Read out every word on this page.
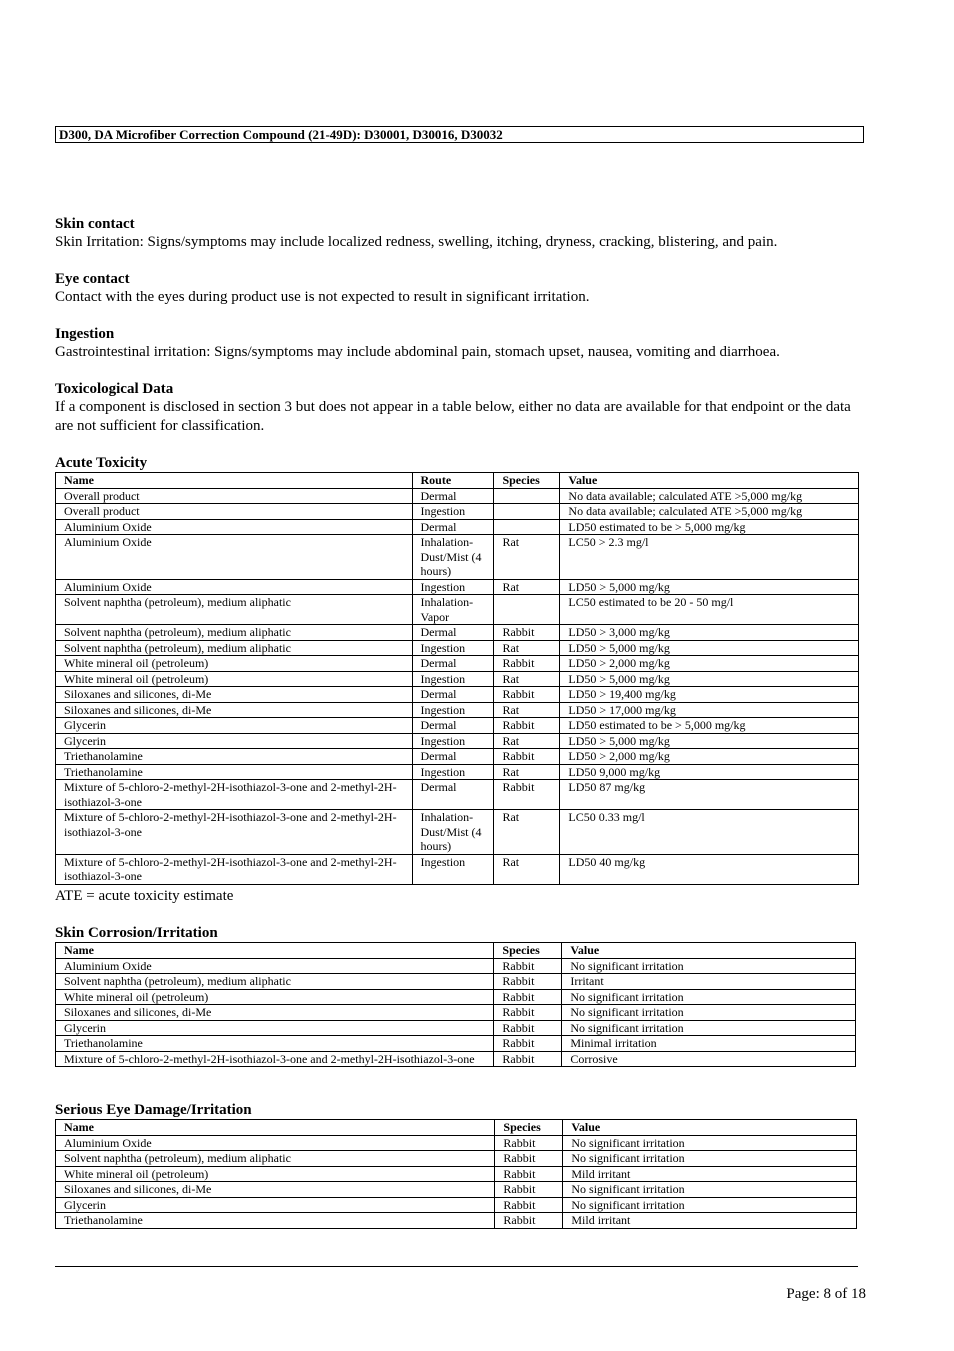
D300, DA Microfiber Correction Compound (21-49D): D30001, D30016, D30032

Skin contact

Skin Irritation: Signs/symptoms may include localized redness, swelling, itching, dryness, cracking, blistering, and pain.

Eye contact

Contact with the eyes during product use is not expected to result in significant irritation.

Ingestion

Gastrointestinal irritation: Signs/symptoms may include abdominal pain, stomach upset, nausea, vomiting and diarrhoea.

Toxicological Data

If a component is disclosed in section 3 but does not appear in a table below, either no data are available for that endpoint or the data are not sufficient for classification.

Acute Toxicity
Name	Route	Species	Value
Overall product	Dermal		No data available; calculated ATE >5,000 mg/kg
Overall product	Ingestion		No data available; calculated ATE >5,000 mg/kg
Aluminium Oxide	Dermal		LD50 estimated to be > 5,000 mg/kg
Aluminium Oxide	Inhalation-Dust/Mist (4 hours)	Rat	LC50 > 2.3 mg/l
Aluminium Oxide	Ingestion	Rat	LD50 > 5,000 mg/kg
Solvent naphtha (petroleum), medium aliphatic	Inhalation-Vapor		LC50 estimated to be 20 - 50 mg/l
Solvent naphtha (petroleum), medium aliphatic	Dermal	Rabbit	LD50 > 3,000 mg/kg
Solvent naphtha (petroleum), medium aliphatic	Ingestion	Rat	LD50 > 5,000 mg/kg
White mineral oil (petroleum)	Dermal	Rabbit	LD50 > 2,000 mg/kg
White mineral oil (petroleum)	Ingestion	Rat	LD50 > 5,000 mg/kg
Siloxanes and silicones, di-Me	Dermal	Rabbit	LD50 > 19,400 mg/kg
Siloxanes and silicones, di-Me	Ingestion	Rat	LD50 > 17,000 mg/kg
Glycerin	Dermal	Rabbit	LD50 estimated to be > 5,000 mg/kg
Glycerin	Ingestion	Rat	LD50 > 5,000 mg/kg
Triethanolamine	Dermal	Rabbit	LD50 > 2,000 mg/kg
Triethanolamine	Ingestion	Rat	LD50 9,000 mg/kg
Mixture of 5-chloro-2-methyl-2H-isothiazol-3-one and 2-methyl-2H-isothiazol-3-one	Dermal	Rabbit	LD50 87 mg/kg
Mixture of 5-chloro-2-methyl-2H-isothiazol-3-one and 2-methyl-2H-isothiazol-3-one	Inhalation-Dust/Mist (4 hours)	Rat	LC50 0.33 mg/l
Mixture of 5-chloro-2-methyl-2H-isothiazol-3-one and 2-methyl-2H-isothiazol-3-one	Ingestion	Rat	LD50 40 mg/kg
ATE = acute toxicity estimate
Skin Corrosion/Irritation
Name	Species	Value
Aluminium Oxide	Rabbit	No significant irritation
Solvent naphtha (petroleum), medium aliphatic	Rabbit	Irritant
White mineral oil (petroleum)	Rabbit	No significant irritation
Siloxanes and silicones, di-Me	Rabbit	No significant irritation
Glycerin	Rabbit	No significant irritation
Triethanolamine	Rabbit	Minimal irritation
Mixture of 5-chloro-2-methyl-2H-isothiazol-3-one and 2-methyl-2H-isothiazol-3-one	Rabbit	Corrosive
Serious Eye Damage/Irritation
Name	Species	Value
Aluminium Oxide	Rabbit	No significant irritation
Solvent naphtha (petroleum), medium aliphatic	Rabbit	No significant irritation
White mineral oil (petroleum)	Rabbit	Mild irritant
Siloxanes and silicones, di-Me	Rabbit	No significant irritation
Glycerin	Rabbit	No significant irritation
Triethanolamine	Rabbit	Mild irritant
Page: 8 of 18
